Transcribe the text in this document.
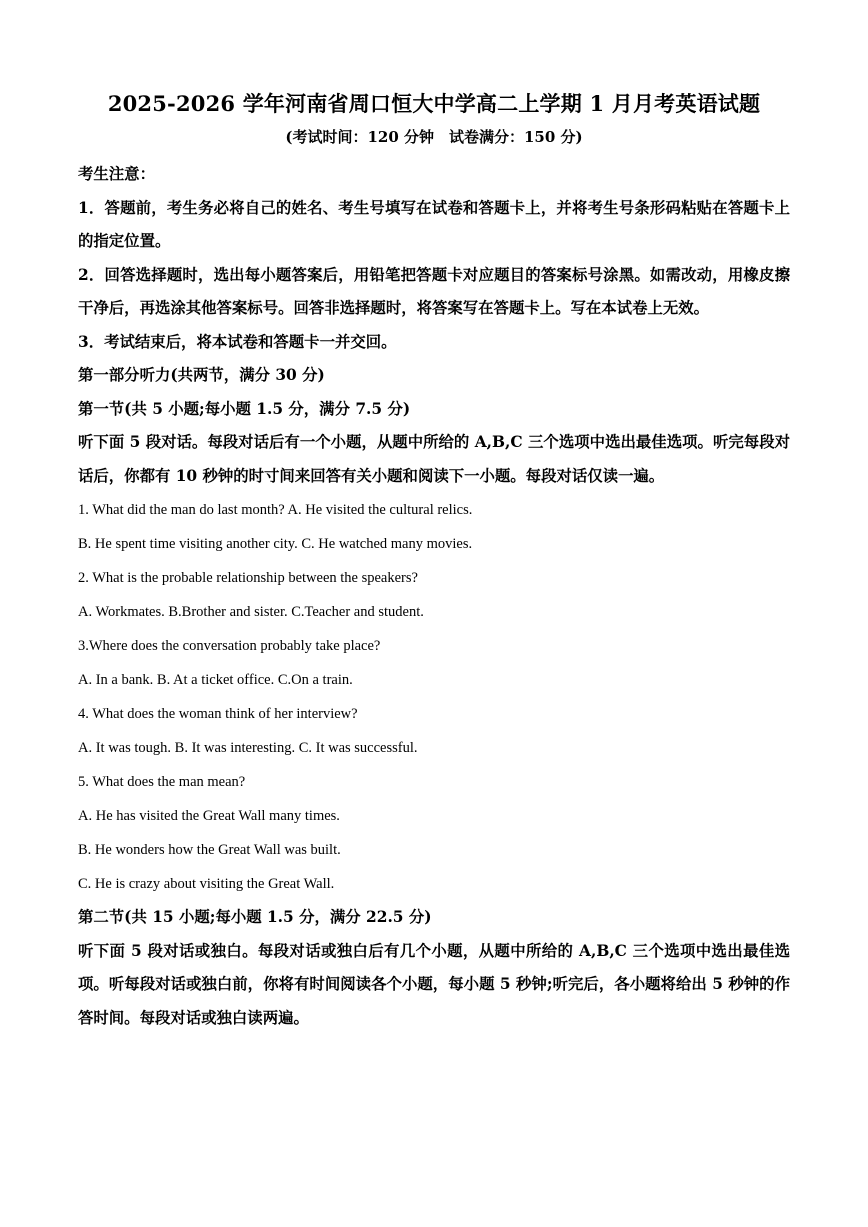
2025-2026 学年河南省周口恒大中学高二上学期 1 月月考英语试题

(考试时间：120 分钟　试卷满分：150 分)

考生注意：

1．答题前，考生务必将自己的姓名、考生号填写在试卷和答题卡上，并将考生号条形码粘贴在答题卡上的指定位置。

2．回答选择题时，选出每小题答案后，用铅笔把答题卡对应题目的答案标号涂黑。如需改动，用橡皮擦干净后，再选涂其他答案标号。回答非选择题时，将答案写在答题卡上。写在本试卷上无效。

3．考试结束后，将本试卷和答题卡一并交回。

第一部分听力(共两节，满分 30 分)

第一节(共 5 小题;每小题 1.5 分，满分 7.5 分)

听下面 5 段对话。每段对话后有一个小题，从题中所给的 A,B,C 三个选项中选出最佳选项。听完每段对话后，你都有 10 秒钟的时寸间来回答有关小题和阅读下一小题。每段对话仅读一遍。

1. What did the man do last month? A. He visited the cultural relics.

B. He spent time visiting another city. C. He watched many movies.

2. What is the probable relationship between the speakers?

A. Workmates. B.Brother and sister. C.Teacher and student.

3.Where does the conversation probably take place?

A. In a bank. B. At a ticket office. C.On a train.

4. What does the woman think of her interview?

A. It was tough. B. It was interesting. C. It was successful.

5. What does the man mean?

A. He has visited the Great Wall many times.

B. He wonders how the Great Wall was built.

C. He is crazy about visiting the Great Wall.

第二节(共 15 小题;每小题 1.5 分，满分 22.5 分)

听下面 5 段对话或独白。每段对话或独白后有几个小题，从题中所给的 A,B,C 三个选项中选出最佳选项。听每段对话或独白前，你将有时间阅读各个小题，每小题 5 秒钟;听完后，各小题将给出 5 秒钟的作答时间。每段对话或独白读两遍。
